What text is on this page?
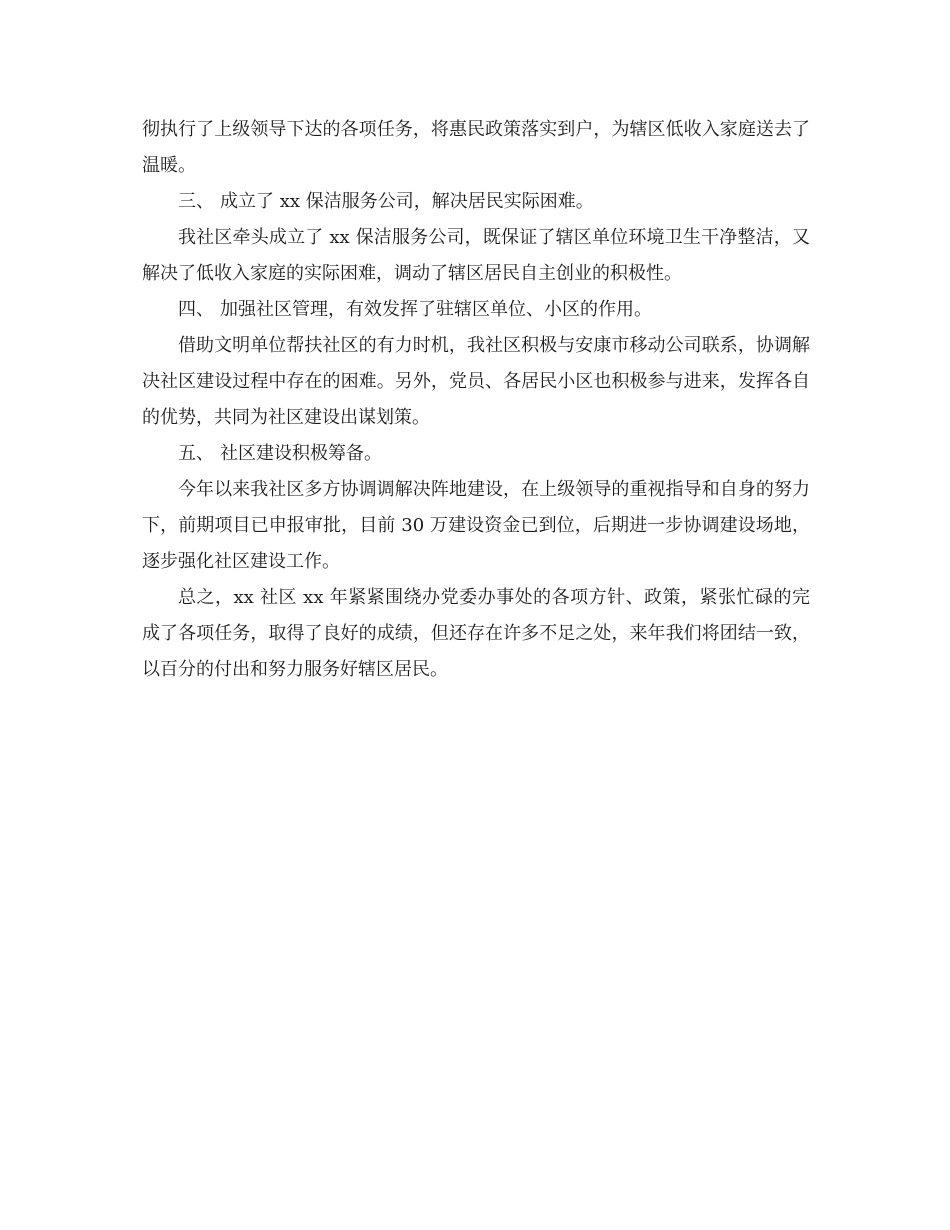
彻执行了上级领导下达的各项任务，将惠民政策落实到户，为辖区低收入家庭送去了温暖。

三、 成立了 xx 保洁服务公司，解决居民实际困难。

我社区牵头成立了 xx 保洁服务公司，既保证了辖区单位环境卫生干净整洁，又解决了低收入家庭的实际困难，调动了辖区居民自主创业的积极性。

四、 加强社区管理，有效发挥了驻辖区单位、小区的作用。

借助文明单位帮扶社区的有力时机，我社区积极与安康市移动公司联系，协调解决社区建设过程中存在的困难。另外，党员、各居民小区也积极参与进来，发挥各自的优势，共同为社区建设出谋划策。

五、 社区建设积极筹备。

今年以来我社区多方协调调解决阵地建设，在上级领导的重视指导和自身的努力下，前期项目已申报审批，目前 30 万建设资金已到位，后期进一步协调建设场地，逐步强化社区建设工作。

总之，xx 社区 xx 年紧紧围绕办党委办事处的各项方针、政策，紧张忙碌的完成了各项任务，取得了良好的成绩，但还存在许多不足之处，来年我们将团结一致，以百分的付出和努力服务好辖区居民。
